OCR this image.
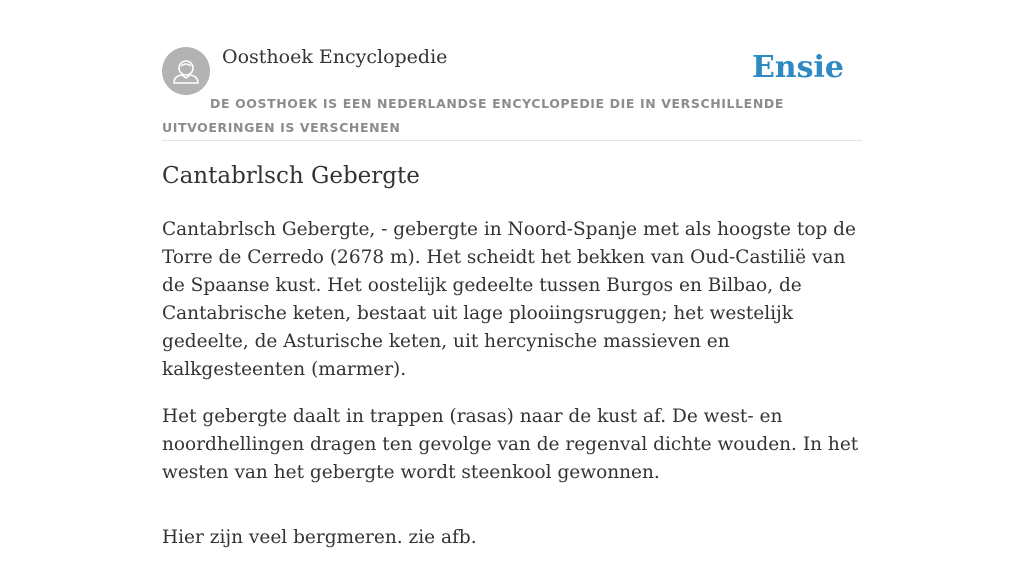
Oosthoek Encyclopedie	Ensie
DE OOSTHOEK IS EEN NEDERLANDSE ENCYCLOPEDIE DIE IN VERSCHILLENDE UITVOERINGEN IS VERSCHENEN
Cantabrlsch Gebergte

Cantabrlsch Gebergte, - gebergte in Noord-Spanje met als hoogste top de Torre de Cerredo (2678 m). Het scheidt het bekken van Oud-Castilië van de Spaanse kust. Het oostelijk gedeelte tussen Burgos en Bilbao, de Cantabrische keten, bestaat uit lage plooiingsruggen; het westelijk gedeelte, de Asturische keten, uit hercynische massieven en kalkgesteenten (marmer).

Het gebergte daalt in trappen (rasas) naar de kust af. De west- en noordhellingen dragen ten gevolge van de regenval dichte wouden. In het westen van het gebergte wordt steenkool gewonnen.

Hier zijn veel bergmeren. zie afb.
